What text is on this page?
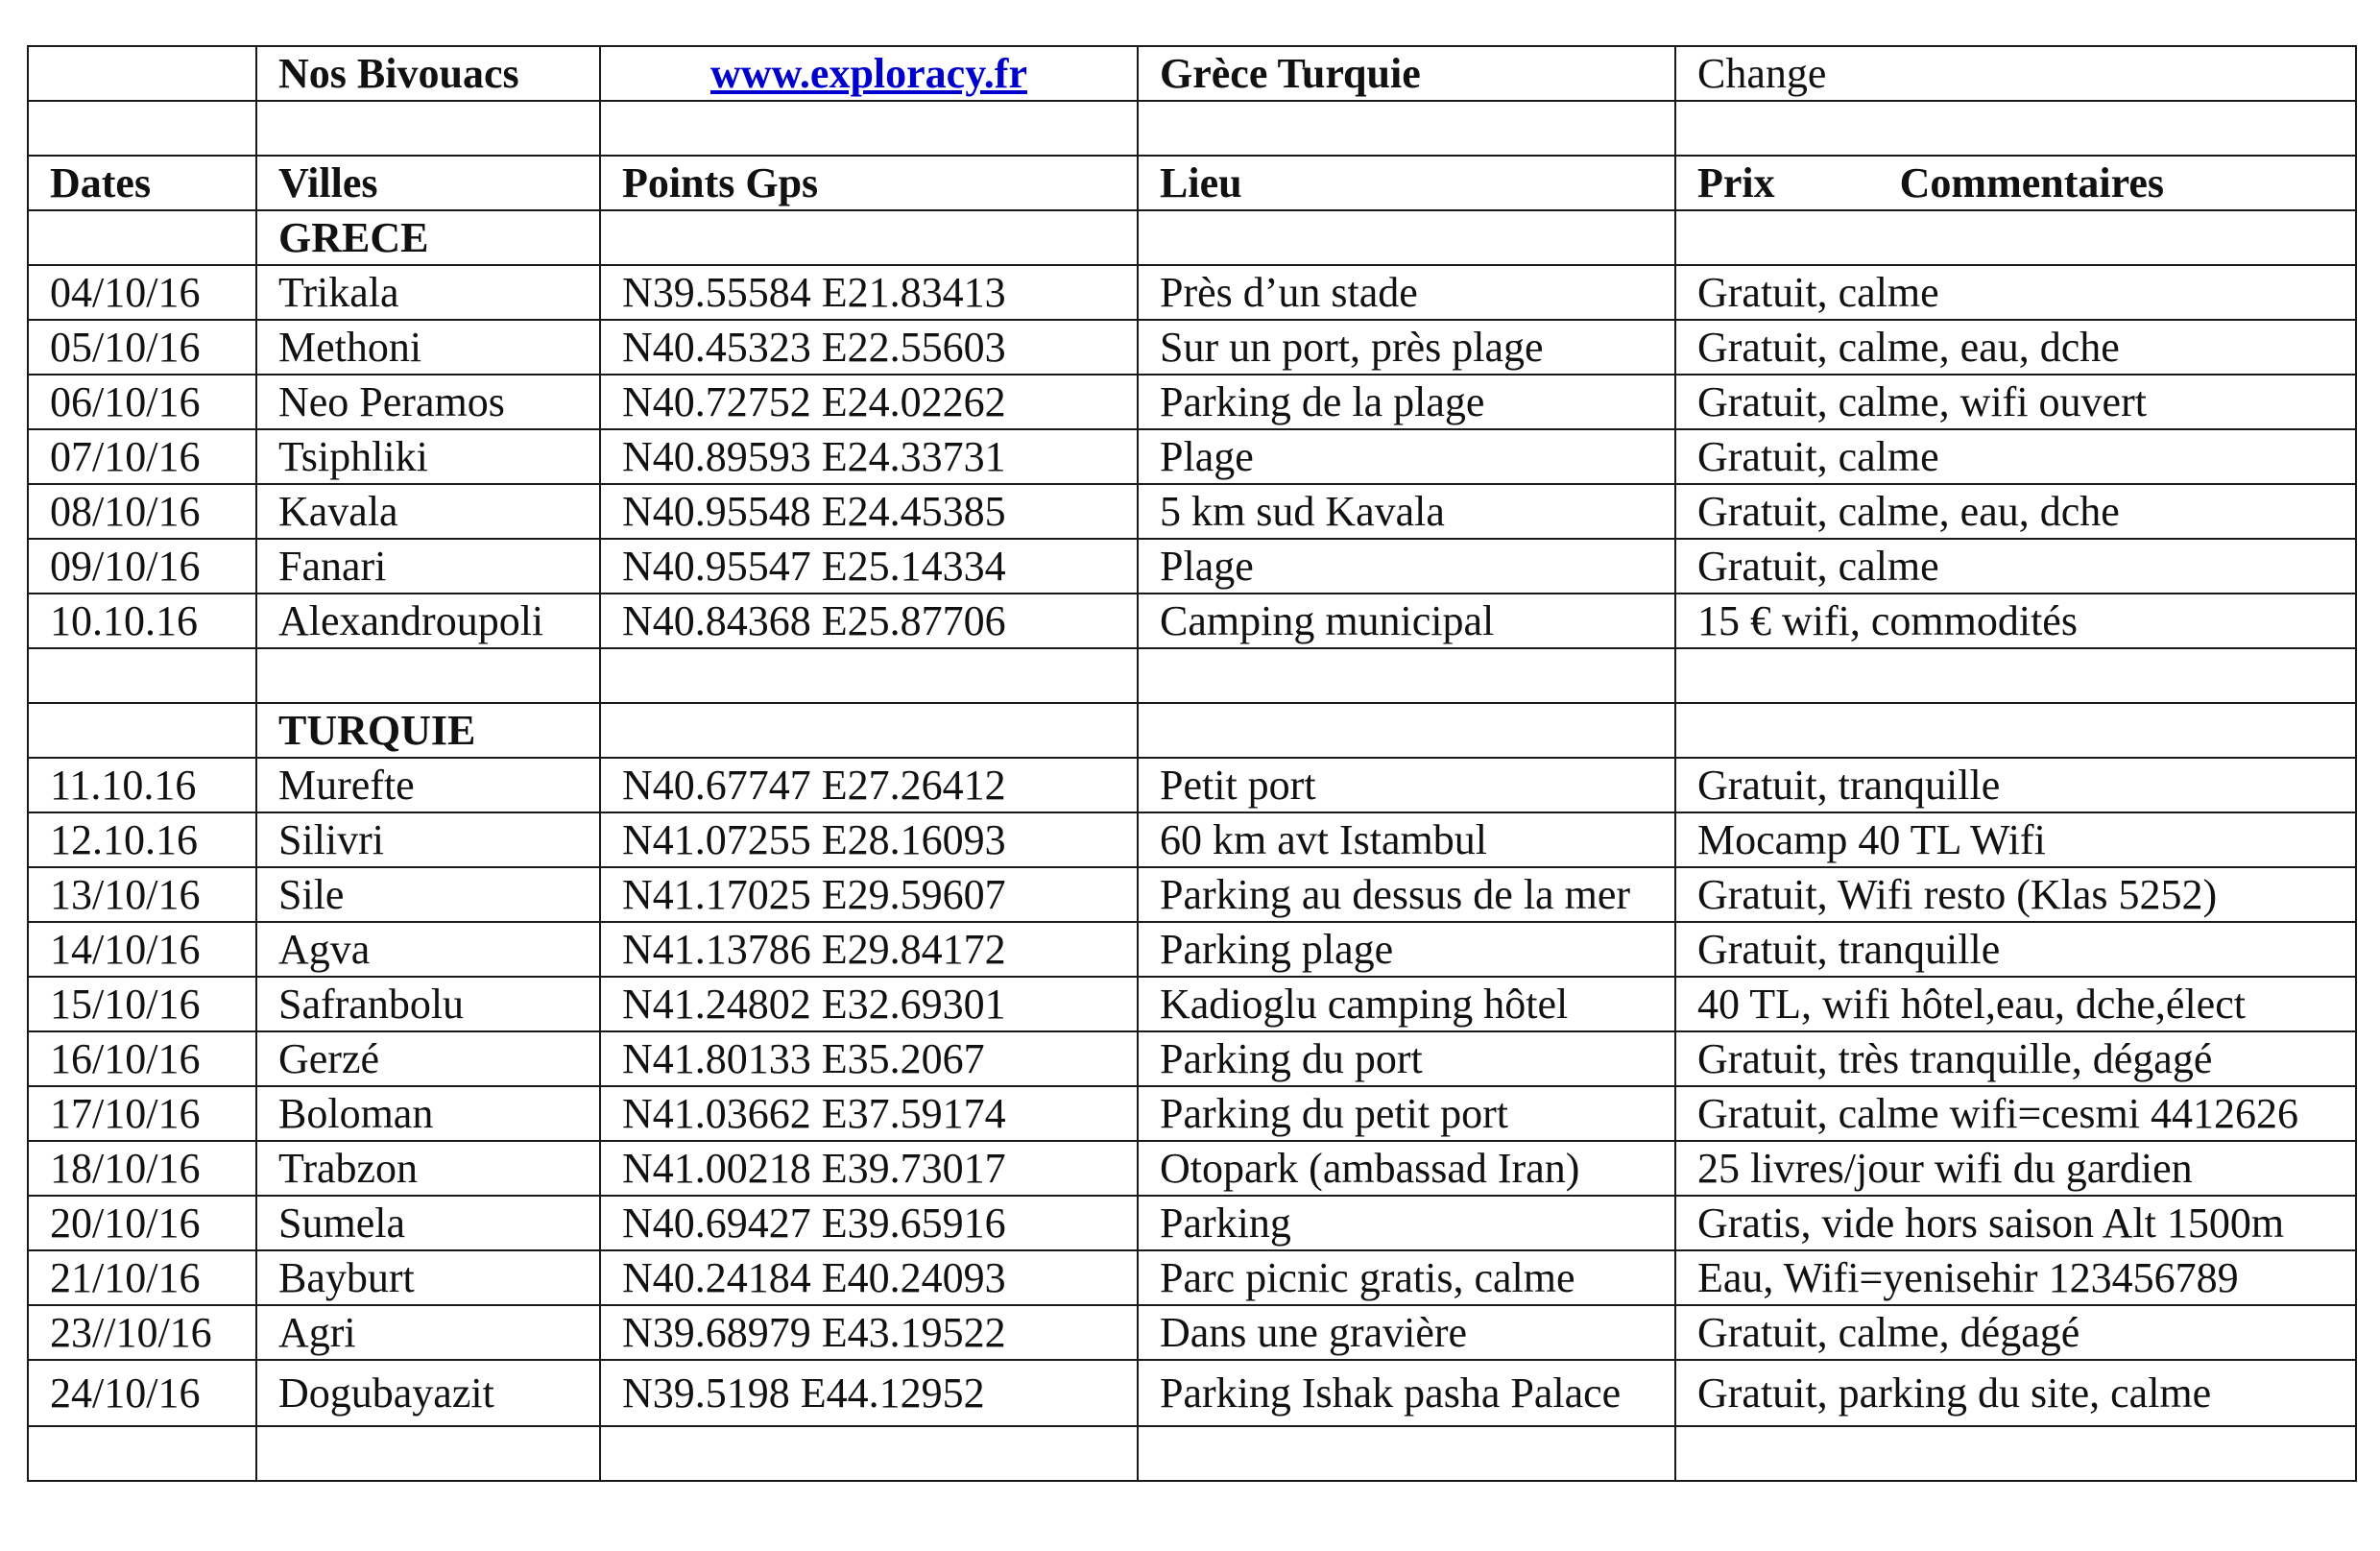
	Nos Bivouacs	www.exploracy.fr	Grèce Turquie	Change

Dates	Villes	Points Gps	Lieu	Prix Commentaires
	GRECE			
04/10/16	Trikala	N39.55584 E21.83413	Près d’un stade	Gratuit, calme
05/10/16	Methoni	N40.45323 E22.55603	Sur un port, près plage	Gratuit, calme, eau, dche
06/10/16	Neo Peramos	N40.72752 E24.02262	Parking de la plage	Gratuit, calme, wifi ouvert
07/10/16	Tsiphliki	N40.89593 E24.33731	Plage	Gratuit, calme
08/10/16	Kavala	N40.95548 E24.45385	5 km sud Kavala	Gratuit, calme, eau, dche
09/10/16	Fanari	N40.95547 E25.14334	Plage	Gratuit, calme
10.10.16	Alexandroupoli	N40.84368 E25.87706	Camping municipal	15 € wifi, commodités

	TURQUIE			
11.10.16	Murefte	N40.67747 E27.26412	Petit port	Gratuit, tranquille
12.10.16	Silivri	N41.07255 E28.16093	60 km avt Istambul	Mocamp 40 TL Wifi
13/10/16	Sile	N41.17025 E29.59607	Parking au dessus de la mer	Gratuit, Wifi resto (Klas 5252)
14/10/16	Agva	N41.13786 E29.84172	Parking plage	Gratuit, tranquille
15/10/16	Safranbolu	N41.24802 E32.69301	Kadioglu camping hôtel	40 TL, wifi hôtel,eau, dche,élect
16/10/16	Gerzé	N41.80133 E35.2067	Parking du port	Gratuit, très tranquille, dégagé
17/10/16	Boloman	N41.03662 E37.59174	Parking du petit port	Gratuit, calme wifi=cesmi 4412626
18/10/16	Trabzon	N41.00218 E39.73017	Otopark (ambassad Iran)	25 livres/jour wifi du gardien
20/10/16	Sumela	N40.69427 E39.65916	Parking	Gratis, vide hors saison Alt 1500m
21/10/16	Bayburt	N40.24184 E40.24093	Parc picnic gratis, calme	Eau, Wifi=yenisehir 123456789
23//10/16	Agri	N39.68979 E43.19522	Dans une gravière	Gratuit, calme, dégagé
24/10/16	Dogubayazit	N39.5198 E44.12952	Parking Ishak pasha Palace	Gratuit, parking du site, calme
